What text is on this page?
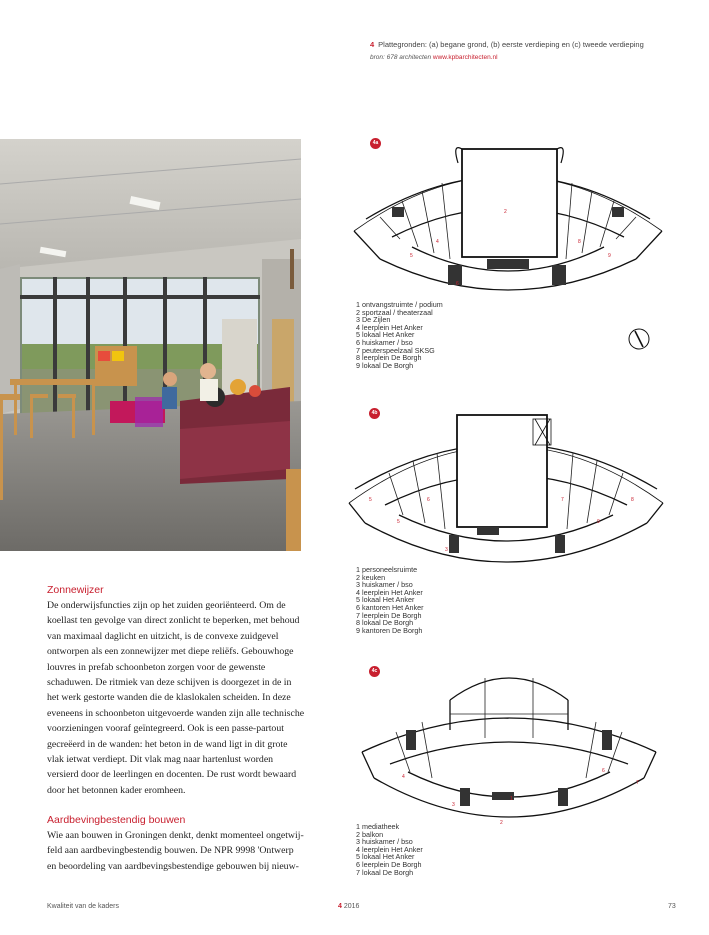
4 Plattegronden: (a) begane grond, (b) eerste verdieping en (c) tweede verdieping
bron: 678 architecten www.kpbarchitecten.nl
2
4
5
6
8
9
4a
1 ontvangstruimte / podium
2 sportzaal / theaterzaal
3 De Zijlen
4 leerplein Het Anker
5 lokaal Het Anker
6 huiskamer / bso
7 peuterspeelzaal SKSG
8 leerplein De Borgh
9 lokaal De Borgh
5	6
5
3
7	8
9
4b
1 personeelsruimte
2 keuken
3 huiskamer / bso
4 leerplein Het Anker
5 lokaal Het Anker
6 kantoren Het Anker
7 leerplein De Borgh
8 lokaal De Borgh
9 kantoren De Borgh
4
3
1
2
6
7
4c
1 mediatheek
2 balkon
3 huiskamer / bso
4 leerplein Het Anker
5 lokaal Het Anker
6 leerplein De Borgh
7 lokaal De Borgh
Zonnewijzer

De onderwijsfuncties zijn op het zuiden georiënteerd. Om de koellast ten gevolge van direct zonlicht te beperken, met behoud van maximaal daglicht en uitzicht, is de convexe zuidgevel ontworpen als een zonnewijzer met diepe reliëfs. Gebouwhoge louvres in prefab schoonbeton zorgen voor de gewenste schaduwen. De ritmiek van deze schijven is doorgezet in de in het werk gestorte wanden die de klaslokalen scheiden. In deze eveneens in schoonbeton uitgevoerde wanden zijn alle technische voorzieningen vooraf geïntegreerd. Ook is een passe-partout gecreëerd in de wanden: het beton in de wand ligt in dit grote vlak ietwat verdiept. Dit vlak mag naar hartenlust worden versierd door de leerlingen en docenten. De rust wordt bewaard door het betonnen kader eromheen.

Aardbevingbestendig bouwen

Wie aan bouwen in Groningen denkt, denkt momenteel ongetwij-feld aan aardbevingbestendig bouwen. De NPR 9998 'Ontwerp en beoordeling van aardbevingsbestendige gebouwen bij nieuw-

Kwaliteit van de kaders	4 2016	73
